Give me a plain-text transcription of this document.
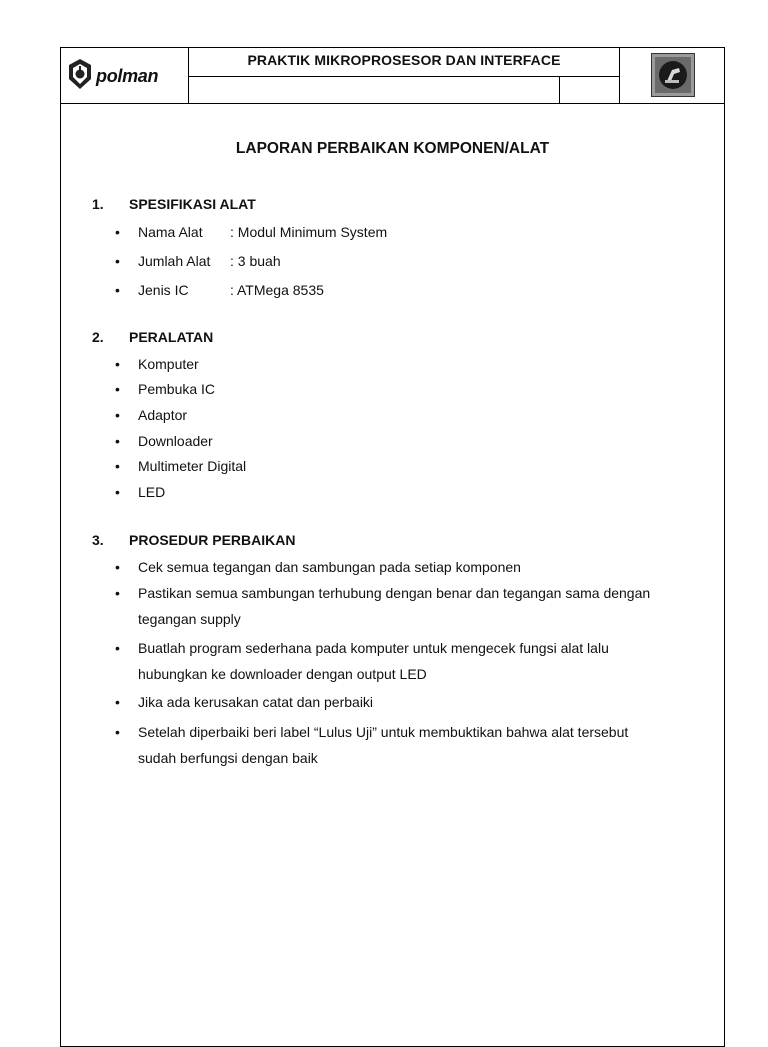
polman
PRAKTIK MIKROPROSESOR DAN INTERFACE
LAPORAN PERBAIKAN KOMPONEN/ALAT
1. SPESIFIKASI ALAT
• Nama Alat : Modul Minimum System
• Jumlah Alat : 3 buah
• Jenis IC	: ATMega 8535
2. PERALATAN
• Komputer
• Pembuka IC
• Adaptor
• Downloader
• Multimeter Digital
• LED
3. PROSEDUR PERBAIKAN
• Cek semua tegangan dan sambungan pada setiap komponen
• Pastikan semua sambungan terhubung dengan benar dan tegangan sama dengan
tegangan supply
• Buatlah program sederhana pada komputer untuk mengecek fungsi alat lalu
hubungkan ke downloader dengan output LED
• Jika ada kerusakan catat dan perbaiki
• Setelah diperbaiki beri label “Lulus Uji” untuk membuktikan bahwa alat tersebut
sudah berfungsi dengan baik
